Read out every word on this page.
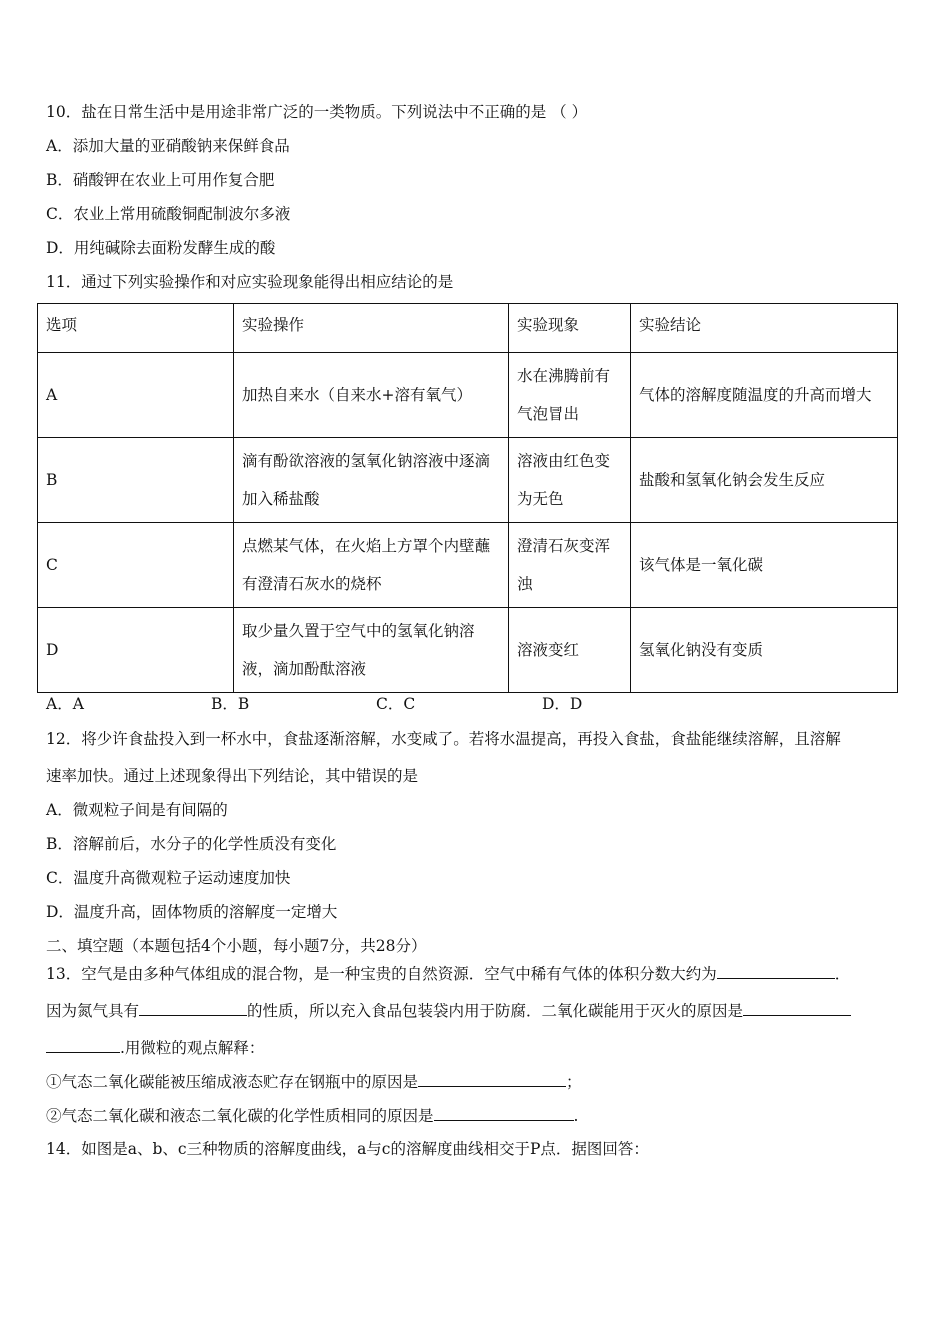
10．盐在日常生活中是用途非常广泛的一类物质。下列说法中不正确的是 （ ）
A．添加大量的亚硝酸钠来保鲜食品
B．硝酸钾在农业上可用作复合肥
C．农业上常用硫酸铜配制波尔多液
D．用纯碱除去面粉发酵生成的酸
11．通过下列实验操作和对应实验现象能得出相应结论的是
选项	实验操作	实验现象	实验结论
A	加热自来水（自来水+溶有氧气）	水在沸腾前有气泡冒出	气体的溶解度随温度的升高而增大
B	滴有酚欲溶液的氢氧化钠溶液中逐滴加入稀盐酸	溶液由红色变为无色	盐酸和氢氧化钠会发生反应
C	点燃某气体，在火焰上方罩个内壁蘸有澄清石灰水的烧杯	澄清石灰变浑浊	该气体是一氧化碳
D	取少量久置于空气中的氢氧化钠溶液，滴加酚酞溶液	溶液变红	氢氧化钠没有变质
A．A	B．B	C．C	D．D
12．将少许食盐投入到一杯水中，食盐逐渐溶解，水变咸了。若将水温提高，再投入食盐，食盐能继续溶解，且溶解
速率加快。通过上述现象得出下列结论，其中错误的是
A．微观粒子间是有间隔的
B．溶解前后，水分子的化学性质没有变化
C．温度升高微观粒子运动速度加快
D．温度升高，固体物质的溶解度一定增大
二、填空题（本题包括4个小题，每小题7分，共28分）
13．空气是由多种气体组成的混合物，是一种宝贵的自然资源．空气中稀有气体的体积分数大约为	．
因为氮气具有	的性质，所以充入食品包装袋内用于防腐．二氧化碳能用于灭火的原因是
.用微粒的观点解释：
①气态二氧化碳能被压缩成液态贮存在钢瓶中的原因是	；
②气态二氧化碳和液态二氧化碳的化学性质相同的原因是	.
14．如图是a、b、c三种物质的溶解度曲线，a与c的溶解度曲线相交于P点．据图回答：
